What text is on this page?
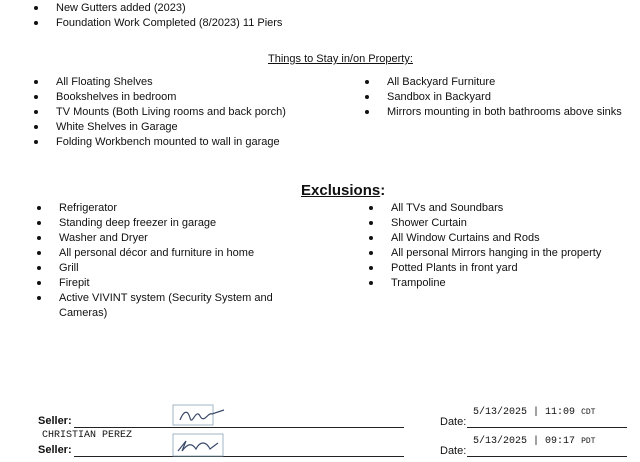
New Gutters added (2023)
Foundation Work Completed (8/2023) 11 Piers
Things to Stay in/on Property:
All Floating Shelves
Bookshelves in bedroom
TV Mounts (Both Living rooms and back porch)
White Shelves in Garage
Folding Workbench mounted to wall in garage
All Backyard Furniture
Sandbox in Backyard
Mirrors mounting in both bathrooms above sinks
Exclusions:
Refrigerator
Standing deep freezer in garage
Washer and Dryer
All personal décor and furniture in home
Grill
Firepit
Active VIVINT system (Security System and Cameras)
All TVs and Soundbars
Shower Curtain
All Window Curtains and Rods
All personal Mirrors hanging in the property
Potted Plants in front yard
Trampoline
Seller:
CHRISTIAN PEREZ
Date:
5/13/2025 | 11:09 CDT
Seller:	Date:
5/13/2025 | 09:17 PDT
